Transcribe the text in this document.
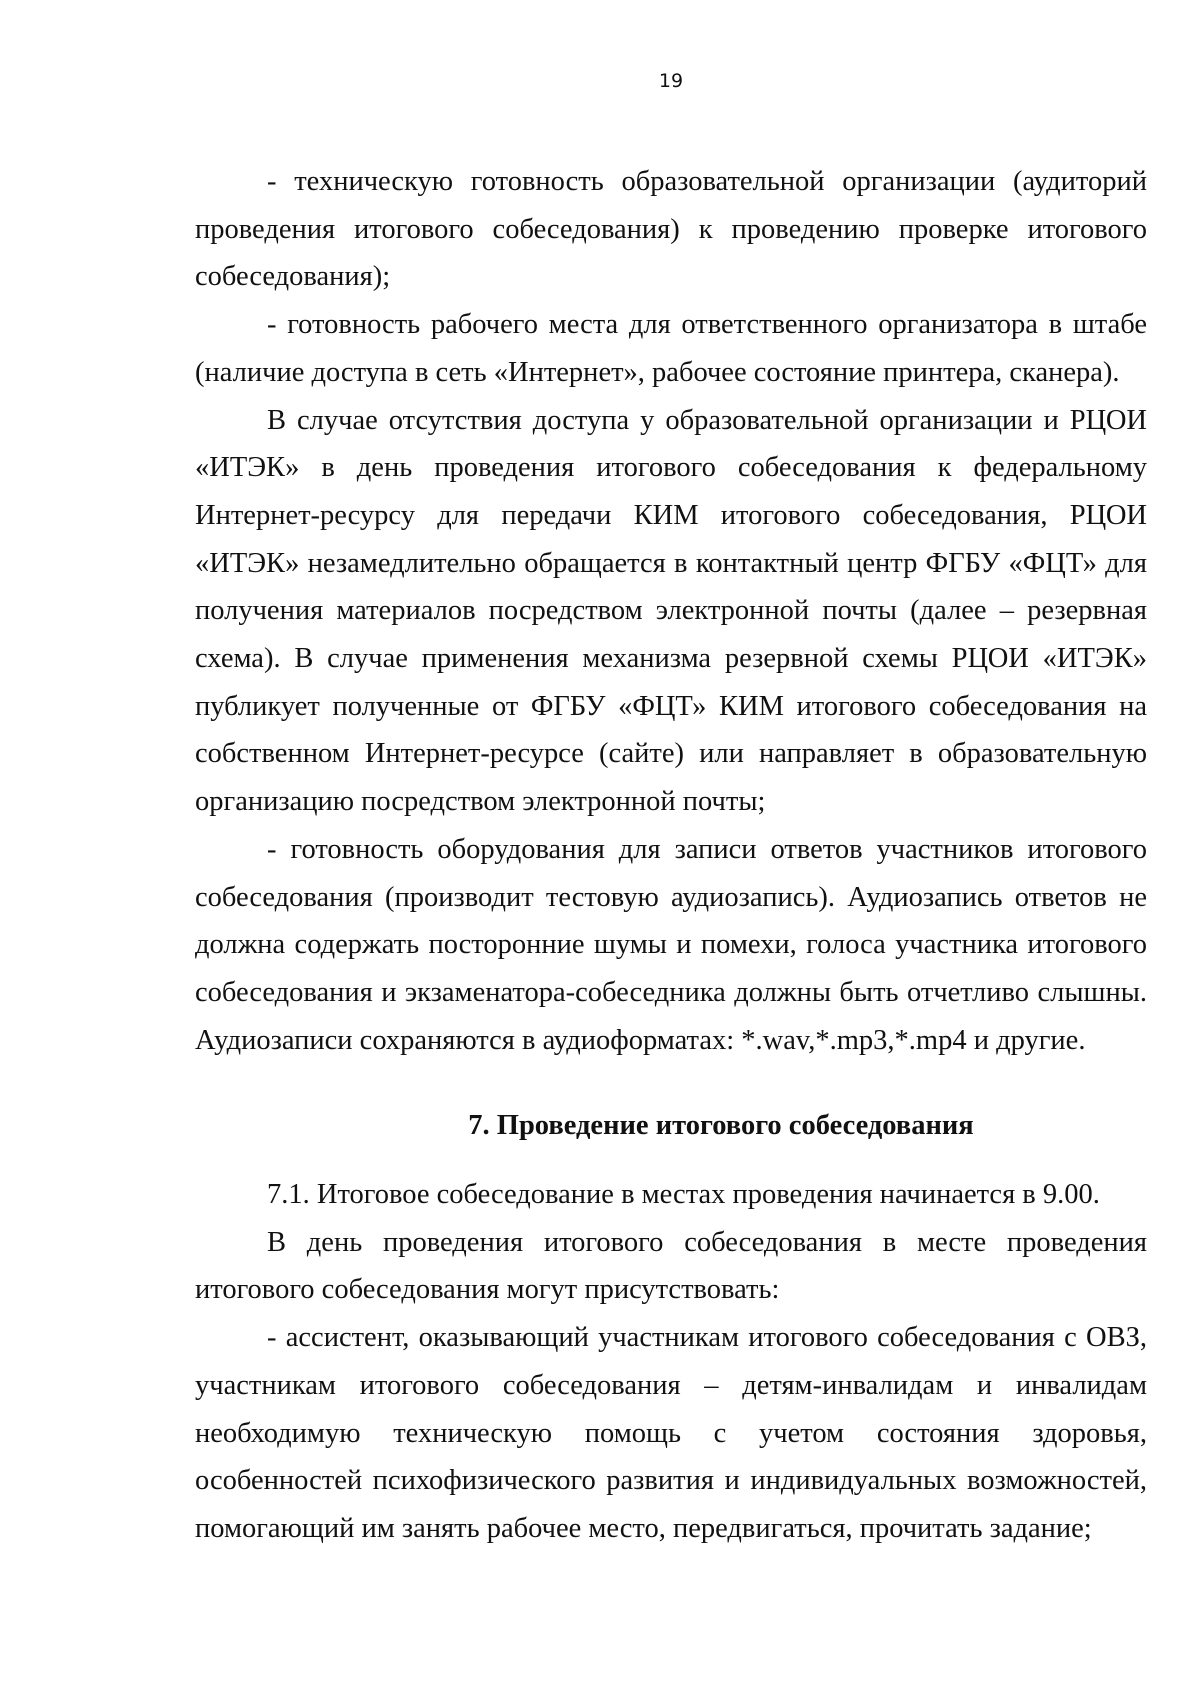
19

- техническую готовность образовательной организации (аудиторий проведения итогового собеседования) к проведению проверке итогового собеседования);

- готовность рабочего места для ответственного организатора в штабе (наличие доступа в сеть «Интернет», рабочее состояние принтера, сканера).

В случае отсутствия доступа у образовательной организации и РЦОИ «ИТЭК» в день проведения итогового собеседования к федеральному Интернет-ресурсу для передачи КИМ итогового собеседования, РЦОИ «ИТЭК» незамедлительно обращается в контактный центр ФГБУ «ФЦТ» для получения материалов посредством электронной почты (далее – резервная схема). В случае применения механизма резервной схемы РЦОИ «ИТЭК» публикует полученные от ФГБУ «ФЦТ» КИМ итогового собеседования на собственном Интернет-ресурсе (сайте) или направляет в образовательную организацию посредством электронной почты;

- готовность оборудования для записи ответов участников итогового собеседования (производит тестовую аудиозапись). Аудиозапись ответов не должна содержать посторонние шумы и помехи, голоса участника итогового собеседования и экзаменатора-собеседника должны быть отчетливо слышны. Аудиозаписи сохраняются в аудиоформатах: *.wav,*.mp3,*.mp4 и другие.

7. Проведение итогового собеседования

7.1. Итоговое собеседование в местах проведения начинается в 9.00.

В день проведения итогового собеседования в месте проведения итогового собеседования могут присутствовать:

- ассистент, оказывающий участникам итогового собеседования с ОВЗ, участникам итогового собеседования – детям-инвалидам и инвалидам необходимую техническую помощь с учетом состояния здоровья, особенностей психофизического развития и индивидуальных возможностей, помогающий им занять рабочее место, передвигаться, прочитать задание;
